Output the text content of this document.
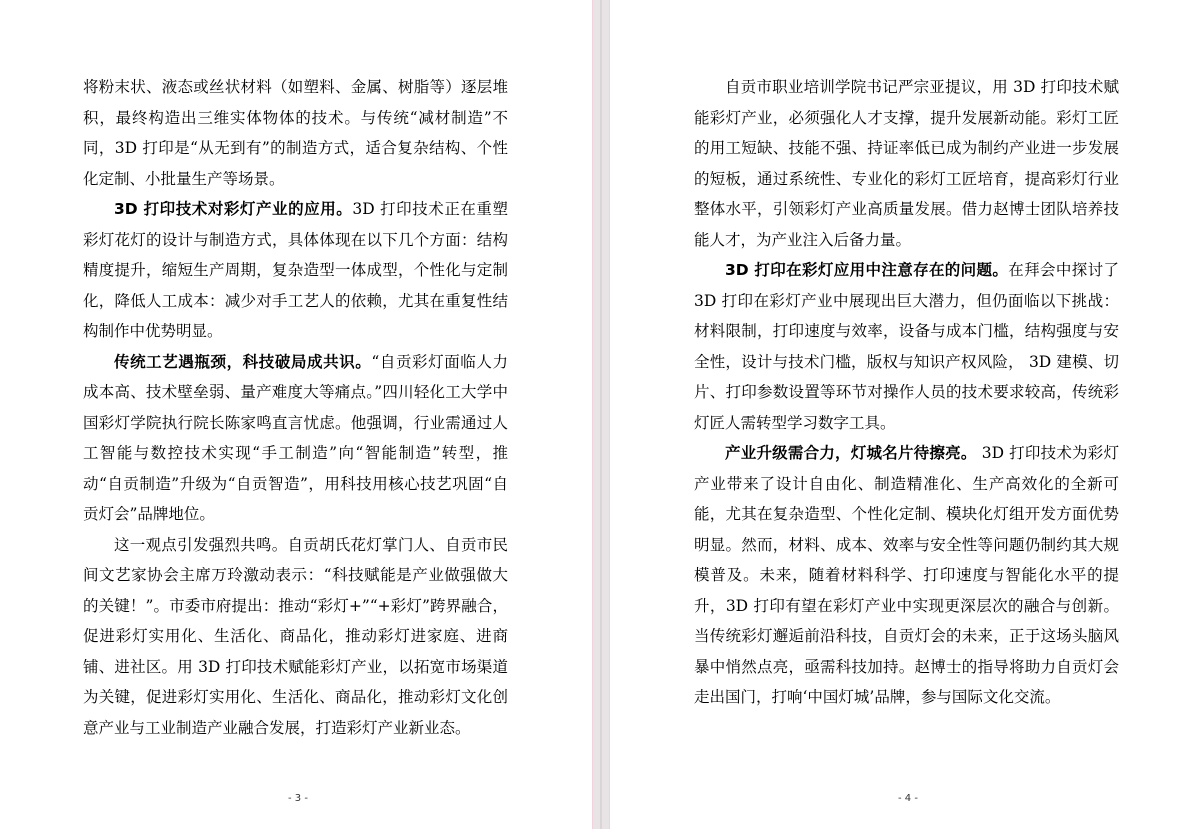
将粉末状、液态或丝状材料（如塑料、金属、树脂等）逐层堆积，最终构造出三维实体物体的技术。与传统“减材制造”不同，3D 打印是“从无到有”的制造方式，适合复杂结构、个性化定制、小批量生产等场景。

3D 打印技术对彩灯产业的应用。3D 打印技术正在重塑彩灯花灯的设计与制造方式，具体体现在以下几个方面：结构精度提升，缩短生产周期，复杂造型一体成型，个性化与定制化，降低人工成本：减少对手工艺人的依赖，尤其在重复性结构制作中优势明显。

传统工艺遇瓶颈，科技破局成共识。“自贡彩灯面临人力成本高、技术壁垒弱、量产难度大等痛点。”四川轻化工大学中国彩灯学院执行院长陈家鸣直言忧虑。他强调，行业需通过人工智能与数控技术实现“手工制造”向“智能制造”转型，推动“自贡制造”升级为“自贡智造”，用科技用核心技艺巩固“自贡灯会”品牌地位。

这一观点引发强烈共鸣。自贡胡氏花灯掌门人、自贡市民间文艺家协会主席万玲激动表示：“科技赋能是产业做强做大的关键！”。市委市府提出：推动“彩灯+”“+彩灯”跨界融合，促进彩灯实用化、生活化、商品化，推动彩灯进家庭、进商铺、进社区。用 3D 打印技术赋能彩灯产业，以拓宽市场渠道为关键，促进彩灯实用化、生活化、商品化，推动彩灯文化创意产业与工业制造产业融合发展，打造彩灯产业新业态。

- 3 -

自贡市职业培训学院书记严宗亚提议，用 3D 打印技术赋能彩灯产业，必须强化人才支撑，提升发展新动能。彩灯工匠的用工短缺、技能不强、持证率低已成为制约产业进一步发展的短板，通过系统性、专业化的彩灯工匠培育，提高彩灯行业整体水平，引领彩灯产业高质量发展。借力赵博士团队培养技能人才，为产业注入后备力量。

3D 打印在彩灯应用中注意存在的问题。在拜会中探讨了 3D 打印在彩灯产业中展现出巨大潜力，但仍面临以下挑战：材料限制，打印速度与效率，设备与成本门槛，结构强度与安全性，设计与技术门槛，版权与知识产权风险， 3D 建模、切片、打印参数设置等环节对操作人员的技术要求较高，传统彩灯匠人需转型学习数字工具。

产业升级需合力，灯城名片待擦亮。 3D 打印技术为彩灯产业带来了设计自由化、制造精准化、生产高效化的全新可能，尤其在复杂造型、个性化定制、模块化灯组开发方面优势明显。然而，材料、成本、效率与安全性等问题仍制约其大规模普及。未来，随着材料科学、打印速度与智能化水平的提升，3D 打印有望在彩灯产业中实现更深层次的融合与创新。当传统彩灯邂逅前沿科技，自贡灯会的未来，正于这场头脑风暴中悄然点亮，亟需科技加持。赵博士的指导将助力自贡灯会走出国门，打响‘中国灯城’品牌，参与国际文化交流。

- 4 -
